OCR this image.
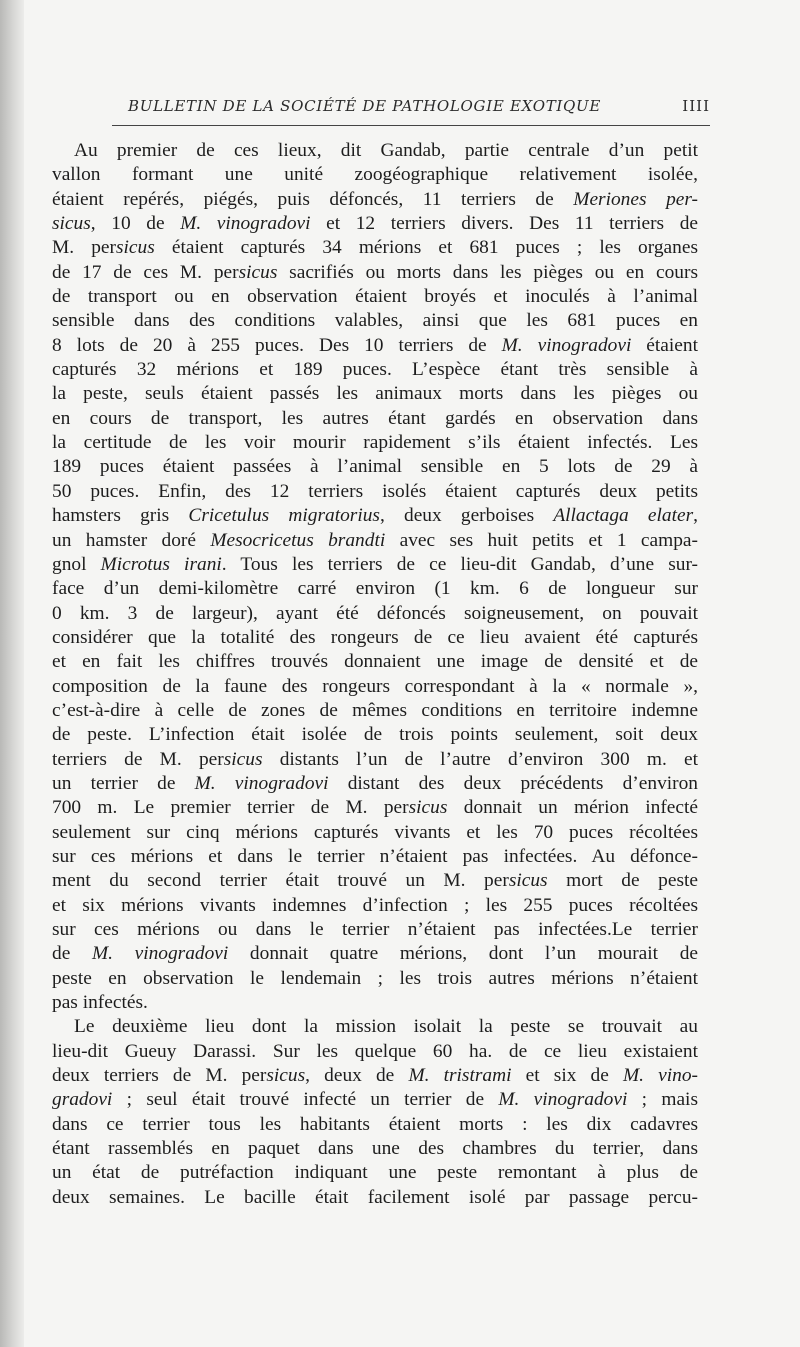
BULLETIN DE LA SOCIÉTÉ DE PATHOLOGIE EXOTIQUE	IIII
Au premier de ces lieux, dit Gandab, partie centrale d’un petit
vallon formant une unité zoogéographique relativement isolée,
étaient repérés, piégés, puis défoncés, 11 terriers de Meriones per-
sicus, 10 de M. vinogradovi et 12 terriers divers. Des 11 terriers de
M. persicus étaient capturés 34 mérions et 681 puces ; les organes
de 17 de ces M. persicus sacrifiés ou morts dans les pièges ou en cours
de transport ou en observation étaient broyés et inoculés à l’animal
sensible dans des conditions valables, ainsi que les 681 puces en
8 lots de 20 à 255 puces. Des 10 terriers de M. vinogradovi étaient
capturés 32 mérions et 189 puces. L’espèce étant très sensible à
la peste, seuls étaient passés les animaux morts dans les pièges ou
en cours de transport, les autres étant gardés en observation dans
la certitude de les voir mourir rapidement s’ils étaient infectés. Les
189 puces étaient passées à l’animal sensible en 5 lots de 29 à
50 puces. Enfin, des 12 terriers isolés étaient capturés deux petits
hamsters gris Cricetulus migratorius, deux gerboises Allactaga elater,
un hamster doré Mesocricetus brandti avec ses huit petits et 1 campa-
gnol Microtus irani. Tous les terriers de ce lieu-dit Gandab, d’une sur-
face d’un demi-kilomètre carré environ (1 km. 6 de longueur sur
0 km. 3 de largeur), ayant été défoncés soigneusement, on pouvait
considérer que la totalité des rongeurs de ce lieu avaient été capturés
et en fait les chiffres trouvés donnaient une image de densité et de
composition de la faune des rongeurs correspondant à la « normale »,
c’est-à-dire à celle de zones de mêmes conditions en territoire indemne
de peste. L’infection était isolée de trois points seulement, soit deux
terriers de M. persicus distants l’un de l’autre d’environ 300 m. et
un terrier de M. vinogradovi distant des deux précédents d’environ
700 m. Le premier terrier de M. persicus donnait un mérion infecté
seulement sur cinq mérions capturés vivants et les 70 puces récoltées
sur ces mérions et dans le terrier n’étaient pas infectées. Au défonce-
ment du second terrier était trouvé un M. persicus mort de peste
et six mérions vivants indemnes d’infection ; les 255 puces récoltées
sur ces mérions ou dans le terrier n’étaient pas infectées.Le terrier
de M. vinogradovi donnait quatre mérions, dont l’un mourait de
peste en observation le lendemain ; les trois autres mérions n’étaient
pas infectés.
Le deuxième lieu dont la mission isolait la peste se trouvait au
lieu-dit Gueuy Darassi. Sur les quelque 60 ha. de ce lieu existaient
deux terriers de M. persicus, deux de M. tristrami et six de M. vino-
gradovi ; seul était trouvé infecté un terrier de M. vinogradovi ; mais
dans ce terrier tous les habitants étaient morts : les dix cadavres
étant rassemblés en paquet dans une des chambres du terrier, dans
un état de putréfaction indiquant une peste remontant à plus de
deux semaines. Le bacille était facilement isolé par passage percu-
